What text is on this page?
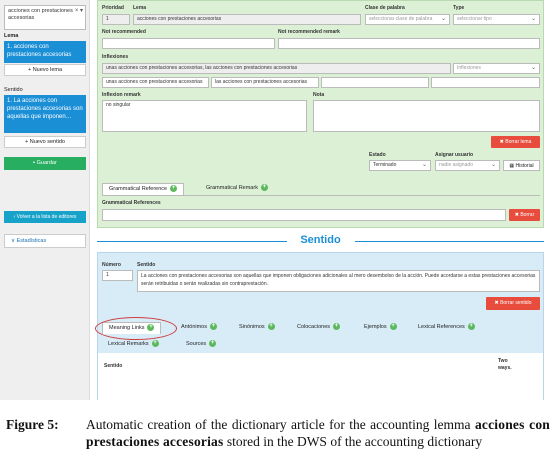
acciones con prestaciones accesorias
× ▾
Lema
1. acciones con prestaciones accesorias
+ Nuevo lema
Sentido
1. La acciones con prestaciones accesorias son aquellas que imponen…
+ Nuevo sentido
▪ Guardar
‹ Volver a la lista de editores
∨ Estadísticas
Prioridad
1
Lema
acciones con prestaciones accesorias
Clase de palabra
seleccionar clase de palabra ⌄
Type
seleccionar tipo	⌄
Not recommended	Not recommended remark
Inflexiones
unas acciones con prestaciones accesorias, las acciones con prestaciones accesorias	Inflexiones	⌄
unas acciones con prestaciones accesorias	las acciones con prestaciones accesorias
Inflexion remark
no singular
Nota
✖ Borrar lema
Estado
Terminado	⌄
Asignar usuario
nadie asignado	⌄	▦ Historial
Grammatical Reference +	Grammatical Remark +
Grammatical References
✖ Borrar
Sentido
Número
1
Sentido
La acciones con prestaciones accesorias son aquellas que imponen obligaciones adicionales al mero desembolso de la acción. Puede acordarse a estas prestaciones accesorias serán retribuidas o serán realizadas sin contraprestación.
✖ Borrar sentido
Meaning Links +	Antónimos +	Sinónimos +	Colocaciones +	Ejemplos +	Lexical References +
Lexical Remarks +	Sources +
Sentido
Two ways.
Figure 5: Automatic creation of the dictionary article for the accounting lemma acciones con prestaciones accesorias stored in the DWS of the accounting dictionary
